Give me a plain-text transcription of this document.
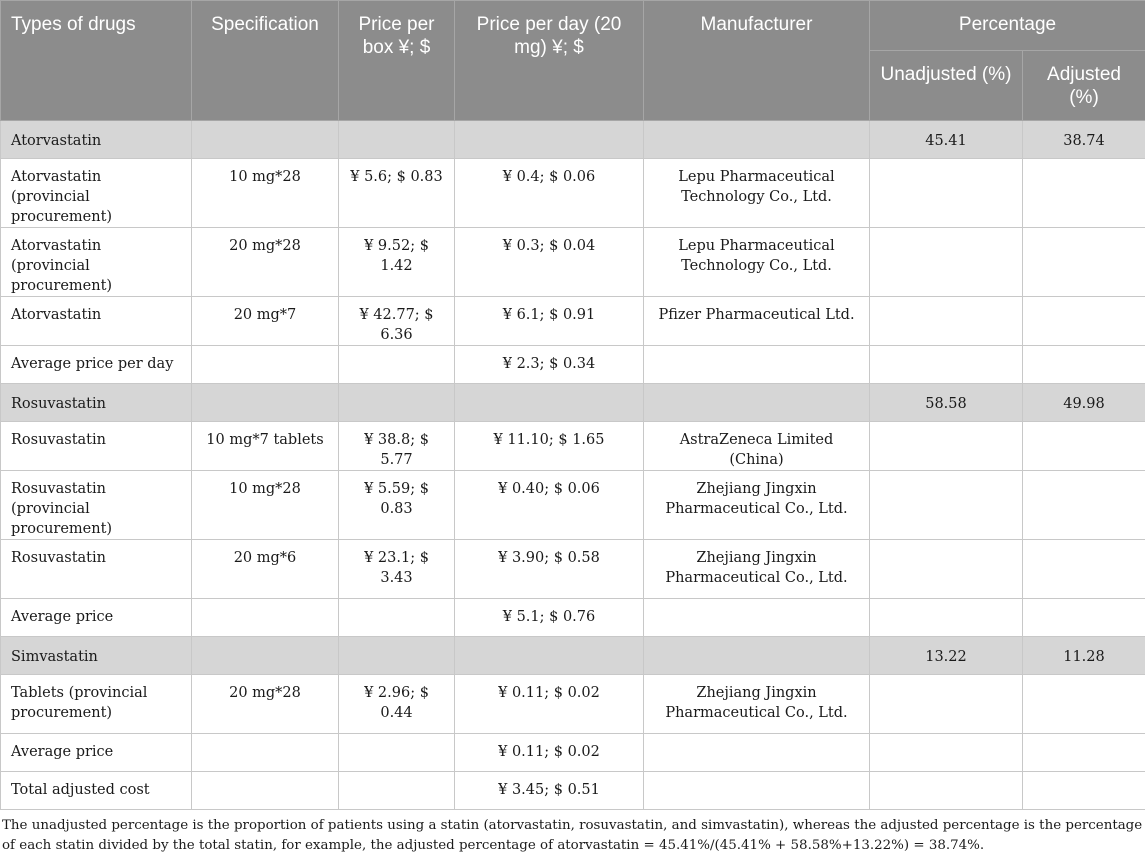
Types of drugs	Specification	Price per box ¥; $	Price per day (20 mg) ¥; $	Manufacturer	Percentage	
					Unadjusted (%)	Adjusted (%)
Atorvastatin					45.41	38.74
Atorvastatin (provincial procurement)	10 mg*28	¥ 5.6; $ 0.83	¥ 0.4; $ 0.06	Lepu Pharmaceutical Technology Co., Ltd.		
Atorvastatin (provincial procurement)	20 mg*28	¥ 9.52; $ 1.42	¥ 0.3; $ 0.04	Lepu Pharmaceutical Technology Co., Ltd.		
Atorvastatin	20 mg*7	¥ 42.77; $ 6.36	¥ 6.1; $ 0.91	Pfizer Pharmaceutical Ltd.		
Average price per day			¥ 2.3; $ 0.34			
Rosuvastatin					58.58	49.98
Rosuvastatin	10 mg*7 tablets	¥ 38.8; $ 5.77	¥ 11.10; $ 1.65	AstraZeneca Limited (China)		
Rosuvastatin (provincial procurement)	10 mg*28	¥ 5.59; $ 0.83	¥ 0.40; $ 0.06	Zhejiang Jingxin Pharmaceutical Co., Ltd.		
Rosuvastatin	20 mg*6	¥ 23.1; $ 3.43	¥ 3.90; $ 0.58	Zhejiang Jingxin Pharmaceutical Co., Ltd.		
Average price			¥ 5.1; $ 0.76			
Simvastatin					13.22	11.28
Tablets (provincial procurement)	20 mg*28	¥ 2.96; $ 0.44	¥ 0.11; $ 0.02	Zhejiang Jingxin Pharmaceutical Co., Ltd.		
Average price			¥ 0.11; $ 0.02			
Total adjusted cost			¥ 3.45; $ 0.51			
The unadjusted percentage is the proportion of patients using a statin (atorvastatin, rosuvastatin, and simvastatin), whereas the adjusted percentage is the percentage of each statin divided by the total statin, for example, the adjusted percentage of atorvastatin = 45.41%/(45.41% + 58.58%+13.22%) = 38.74%.
